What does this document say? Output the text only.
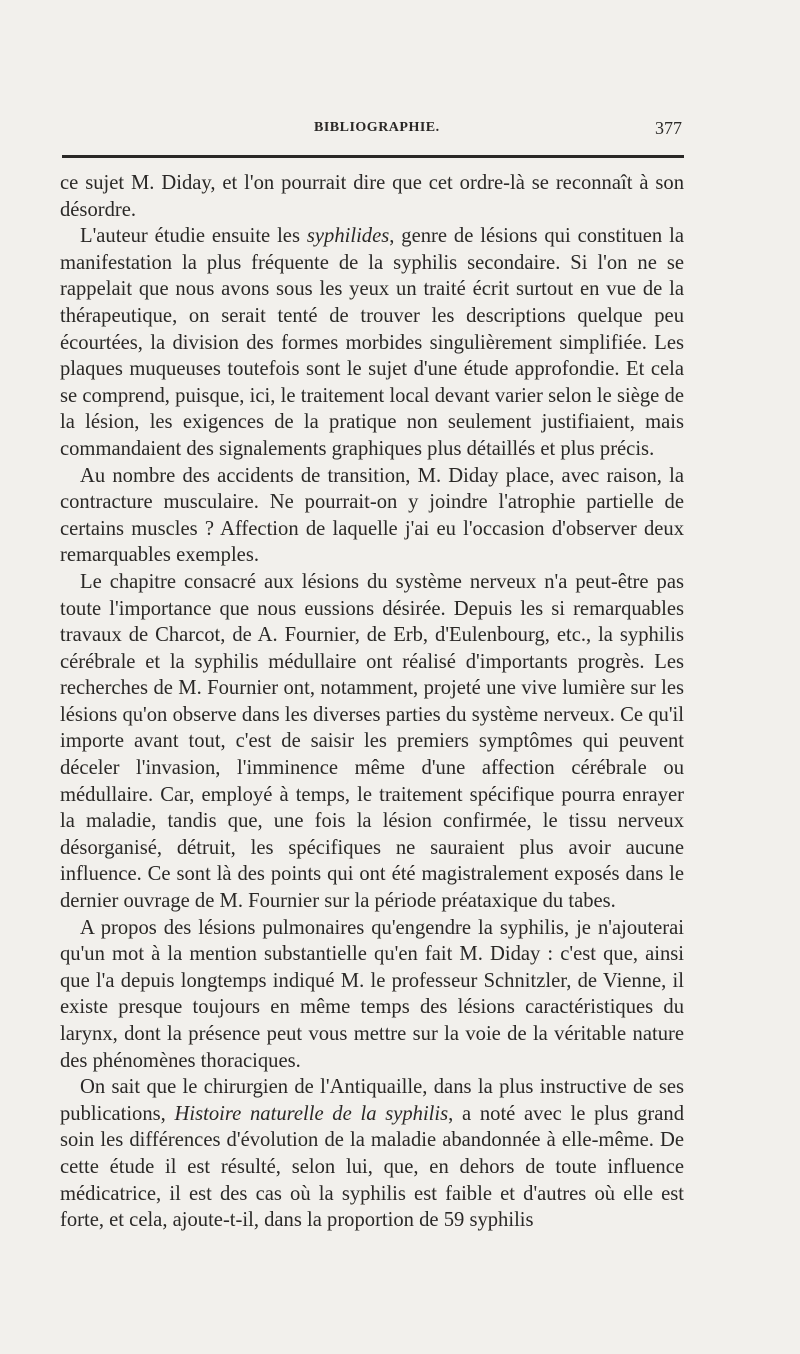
BIBLIOGRAPHIE.	377

ce sujet M. Diday, et l'on pourrait dire que cet ordre-là se reconnaît à son désordre.

L'auteur étudie ensuite les syphilides, genre de lésions qui constituen la manifestation la plus fréquente de la syphilis secondaire. Si l'on ne se rappelait que nous avons sous les yeux un traité écrit surtout en vue de la thérapeutique, on serait tenté de trouver les descriptions quelque peu écourtées, la division des formes morbides singulièrement simplifiée. Les plaques muqueuses toutefois sont le sujet d'une étude approfondie. Et cela se comprend, puisque, ici, le traitement local devant varier selon le siège de la lésion, les exigences de la pratique non seulement justifiaient, mais commandaient des signalements graphiques plus détaillés et plus précis.

Au nombre des accidents de transition, M. Diday place, avec raison, la contracture musculaire. Ne pourrait-on y joindre l'atrophie partielle de certains muscles ? Affection de laquelle j'ai eu l'occasion d'observer deux remarquables exemples.

Le chapitre consacré aux lésions du système nerveux n'a peut-être pas toute l'importance que nous eussions désirée. Depuis les si remarquables travaux de Charcot, de A. Fournier, de Erb, d'Eulenbourg, etc., la syphilis cérébrale et la syphilis médullaire ont réalisé d'importants progrès. Les recherches de M. Fournier ont, notamment, projeté une vive lumière sur les lésions qu'on observe dans les diverses parties du système nerveux. Ce qu'il importe avant tout, c'est de saisir les premiers symptômes qui peuvent déceler l'invasion, l'imminence même d'une affection cérébrale ou médullaire. Car, employé à temps, le traitement spécifique pourra enrayer la maladie, tandis que, une fois la lésion confirmée, le tissu nerveux désorganisé, détruit, les spécifiques ne sauraient plus avoir aucune influence. Ce sont là des points qui ont été magistralement exposés dans le dernier ouvrage de M. Fournier sur la période préataxique du tabes.

A propos des lésions pulmonaires qu'engendre la syphilis, je n'ajouterai qu'un mot à la mention substantielle qu'en fait M. Diday : c'est que, ainsi que l'a depuis longtemps indiqué M. le professeur Schnitzler, de Vienne, il existe presque toujours en même temps des lésions caractéristiques du larynx, dont la présence peut vous mettre sur la voie de la véritable nature des phénomènes thoraciques.

On sait que le chirurgien de l'Antiquaille, dans la plus instructive de ses publications, Histoire naturelle de la syphilis, a noté avec le plus grand soin les différences d'évolution de la maladie abandonnée à elle-même. De cette étude il est résulté, selon lui, que, en dehors de toute influence médicatrice, il est des cas où la syphilis est faible et d'autres où elle est forte, et cela, ajoute-t-il, dans la proportion de 59 syphilis
